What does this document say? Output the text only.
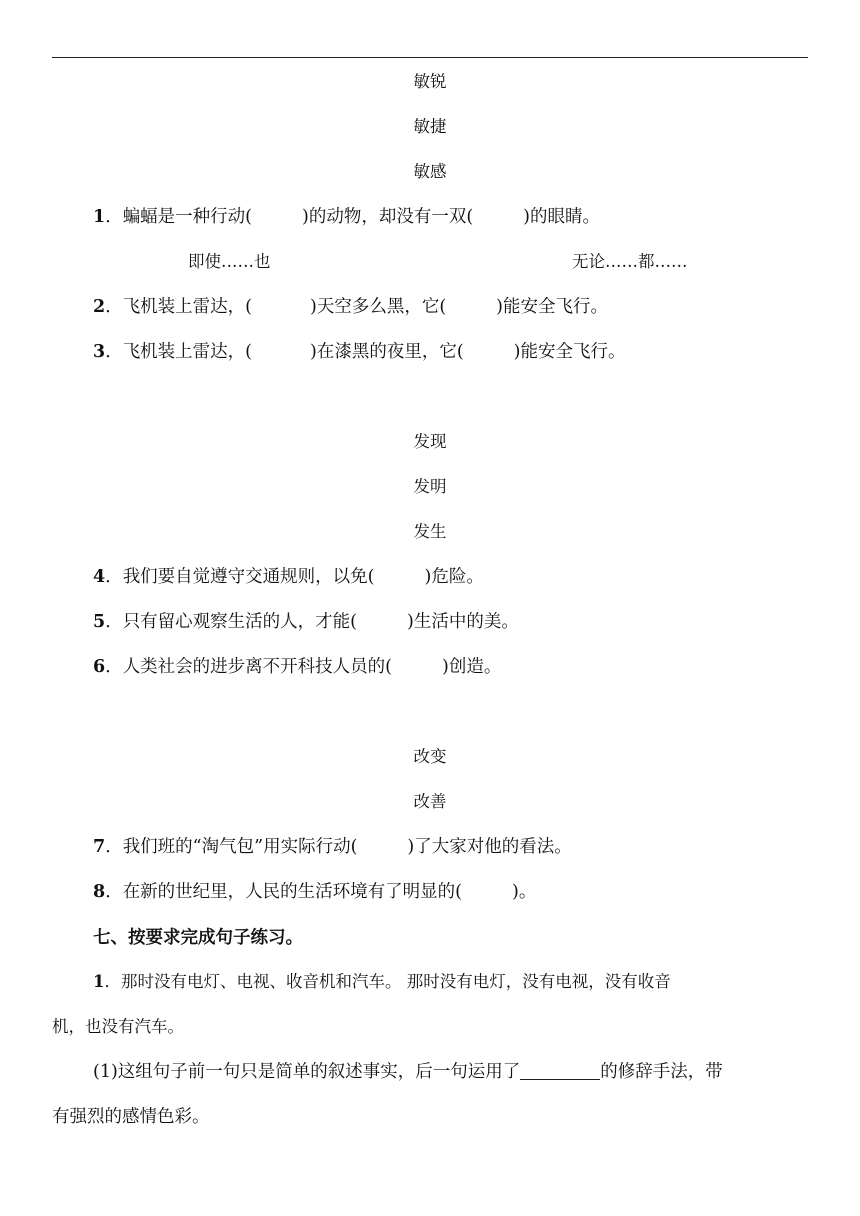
敏锐
敏捷
敏感
1．蝙蝠是一种行动(	)的动物，却没有一双(	)的眼睛。
即使……也	无论……都……
2．飞机装上雷达，(	)天空多么黑，它(	)能安全飞行。
3．飞机装上雷达，(	)在漆黑的夜里，它(	)能安全飞行。
发现
发明
发生
4．我们要自觉遵守交通规则，以免(	)危险。
5．只有留心观察生活的人，才能(	)生活中的美。
6．人类社会的进步离不开科技人员的(	)创造。
改变
改善
7．我们班的“淘气包”用实际行动(	)了大家对他的看法。
8．在新的世纪里，人民的生活环境有了明显的(	)。
七、按要求完成句子练习。
1．那时没有电灯、电视、收音机和汽车。 那时没有电灯，没有电视，没有收音
机，也没有汽车。
(1)这组句子前一句只是简单的叙述事实，后一句运用了	的修辞手法，带
有强烈的感情色彩。
